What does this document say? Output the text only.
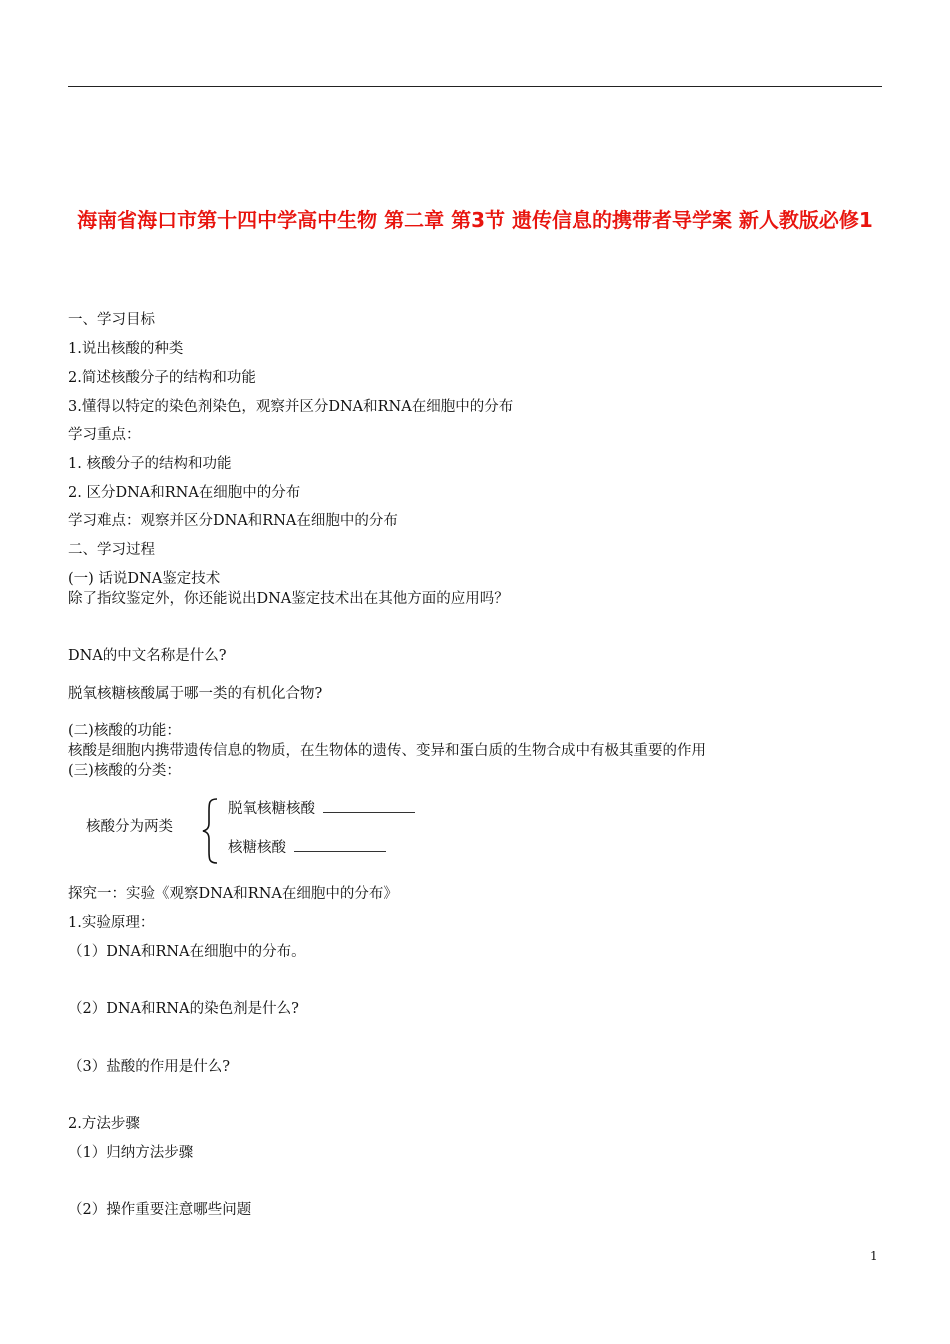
海南省海口市第十四中学高中生物 第二章 第3节 遗传信息的携带者导学案 新人教版必修1
一、学习目标
1.说出核酸的种类
2.简述核酸分子的结构和功能
3.懂得以特定的染色剂染色，观察并区分DNA和RNA在细胞中的分布
学习重点：
1. 核酸分子的结构和功能
2. 区分DNA和RNA在细胞中的分布
学习难点：观察并区分DNA和RNA在细胞中的分布
二、学习过程
(一) 话说DNA鉴定技术
除了指纹鉴定外，你还能说出DNA鉴定技术出在其他方面的应用吗？
DNA的中文名称是什么?
脱氧核糖核酸属于哪一类的有机化合物?
(二)核酸的功能：
核酸是细胞内携带遗传信息的物质，在生物体的遗传、变异和蛋白质的生物合成中有极其重要的作用
(三)核酸的分类：
核酸分为两类
脱氧核糖核酸
核糖核酸
探究一：实验《观察DNA和RNA在细胞中的分布》
1.实验原理：
（1）DNA和RNA在细胞中的分布。
（2）DNA和RNA的染色剂是什么?
（3）盐酸的作用是什么?
2.方法步骤
（1）归纳方法步骤
（2）操作重要注意哪些问题
1
